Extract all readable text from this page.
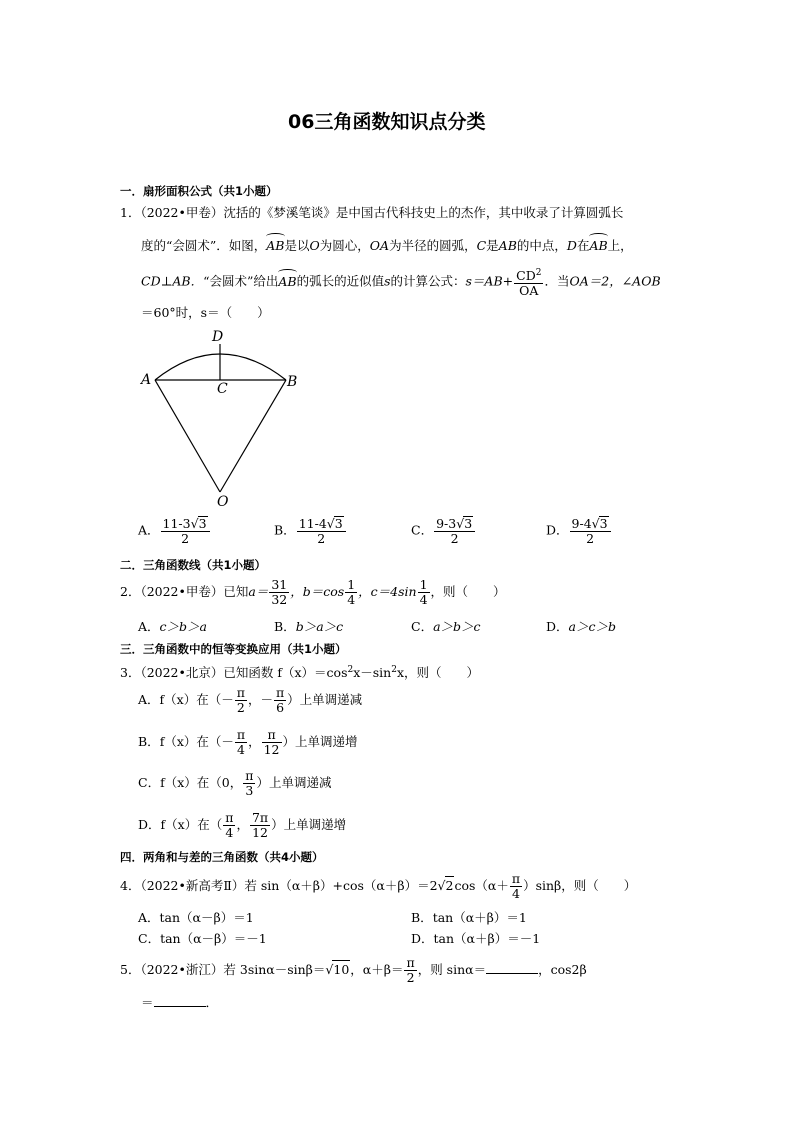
06三角函数知识点分类
一．扇形面积公式（共1小题）
1．（2022•甲卷）沈括的《梦溪笔谈》是中国古代科技史上的杰作，其中收录了计算圆弧长
度的“会圆术”．如图，AB是以O为圆心，OA为半径的圆弧，C是AB的中点，D在AB上，
CD⊥AB．“会圆术”给出AB的弧长的近似值s的计算公式：$s=AB+ \frac{CD^2}{OA}$ ．当OA＝2，∠AOB
＝60°时，s＝（　　）
D
A	B
C
O
A． $\frac{11-3√3}{2}$	B． $\frac{11-4√3}{2}$	C． $\frac{9-3√3}{2}$	D． $\frac{9-4√3}{2}$
二．三角函数线（共1小题）
2．（2022•甲卷）已知$a= \frac{31}{32}$ ，$b=\cos \frac{1}{4}$ ，$c=4\sin \frac{1}{4}$ ，则（　　）
A．c＞b＞a	B．b＞a＞c	C．a＞b＞c	D．a＞c＞b
三．三角函数中的恒等变换应用（共1小题）
3．（2022•北京）已知函数 $f(x)=\cos^2x-\sin^2x$，则（　　）
A．f（x）在（－ $\frac{\pi}{2}$ ，－ $\frac{\pi}{6}$ ）上单调递减
B．f（x）在（－ $\frac{\pi}{4}$ ， $\frac{\pi}{12}$ ）上单调递增
C．f（x）在（0， $\frac{\pi}{3}$ ）上单调递减
D．f（x）在（ $\frac{\pi}{4}$ ， $\frac{7\pi}{12}$ ）上单调递增
四．两角和与差的三角函数（共4小题）
4．（2022•新高考Ⅱ）若 $\sin(\alpha+\beta)+\cos(\alpha+\beta)=2√2\cos(\alpha+ \frac{\pi}{4} )\sin\beta$，则（　　）
A．tan（α－β）＝1	B．tan（α＋β）＝1
C．tan（α－β）＝－1	D．tan（α＋β）＝－1
5．（2022•浙江）若 3sinα－sinβ＝√10，$\alpha+\beta= \frac{\pi}{2}$ ，则 sinα＝	，cos2β
＝	．
